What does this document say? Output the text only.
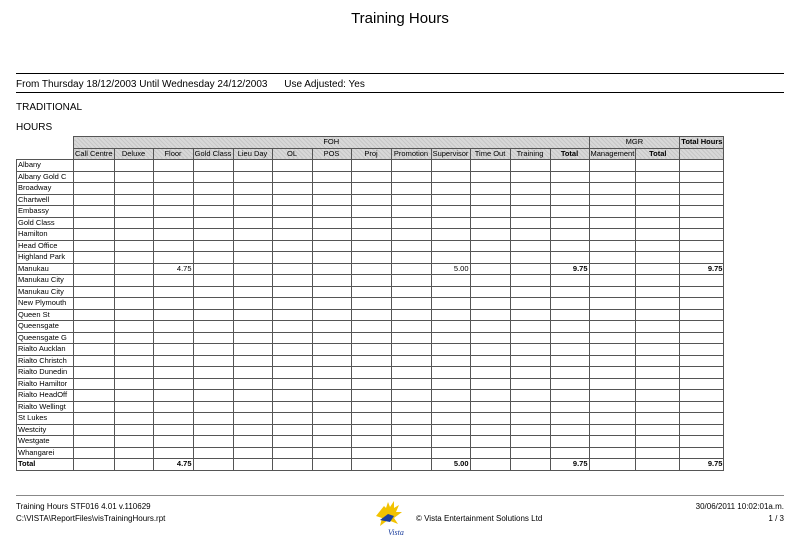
Training Hours
From Thursday 18/12/2003 Until Wednesday 24/12/2003 Use Adjusted: Yes
TRADITIONAL
HOURS
	FOH													MGR		Total Hours
	Call Centre	Deluxe	Floor	Gold Class	Lieu Day	OL	POS	Proj	Promotion	Supervisor	Time Out	Training	Total	Management	Total	
Albany																
Albany Gold C																
Broadway																
Chartwell																
Embassy																
Gold Class																
Hamilton																
Head Office																
Highland Park																
Manukau			4.75							5.00			9.75			9.75
Manukau City																
Manukau City																
New Plymouth																
Queen St																
Queensgate																
Queensgate G																
Rialto Aucklan																
Rialto Christch																
Rialto Dunedin																
Rialto Hamiltor																
Rialto HeadOff																
Rialto Wellingt																
St Lukes																
Westcity																
Westgate																
Whangarei																
Total			4.75							5.00			9.75			9.75
Training Hours STF016 4.01 v.110629
C:\VISTA\ReportFiles\visTrainingHours.rpt
Vista
© Vista Entertainment Solutions Ltd
30/06/2011 10:02:01a.m.
1 / 3
